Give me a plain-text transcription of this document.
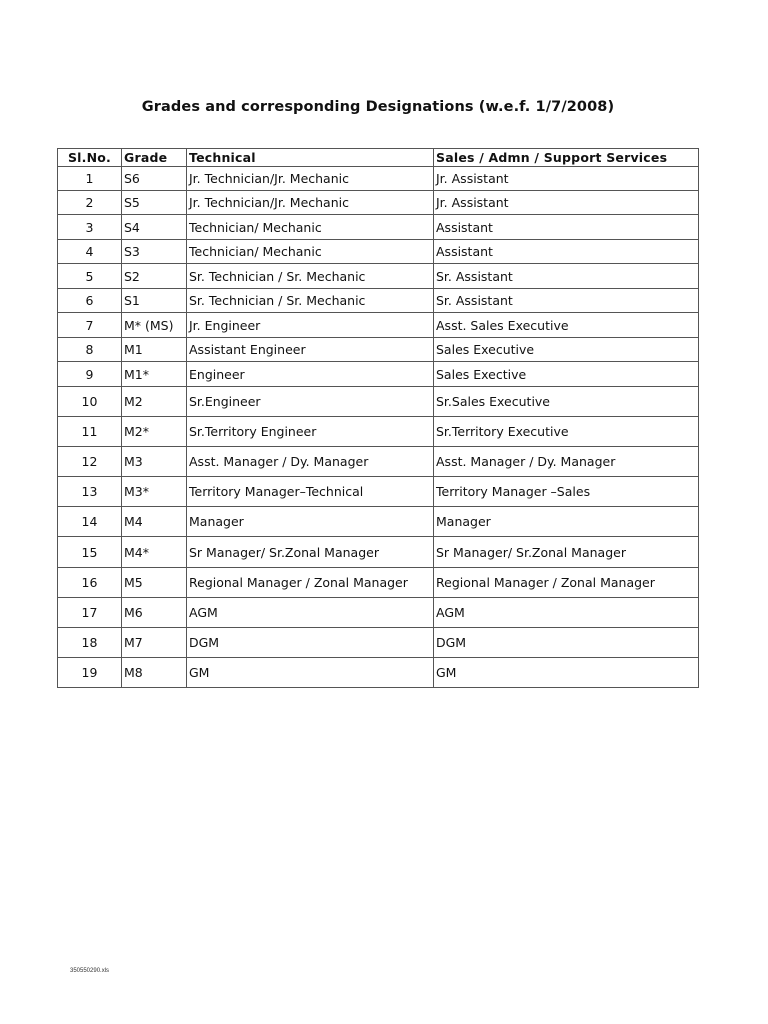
Grades and corresponding Designations (w.e.f. 1/7/2008)
Sl.No.	Grade	Technical	Sales / Admn / Support Services
1	S6	Jr. Technician/Jr. Mechanic	Jr. Assistant
2	S5	Jr. Technician/Jr. Mechanic	Jr. Assistant
3	S4	Technician/ Mechanic	Assistant
4	S3	Technician/ Mechanic	Assistant
5	S2	Sr. Technician / Sr. Mechanic	Sr. Assistant
6	S1	Sr. Technician / Sr. Mechanic	Sr. Assistant
7	M* (MS)	Jr. Engineer	Asst. Sales Executive
8	M1	Assistant Engineer	Sales Executive
9	M1*	Engineer	Sales Exective
10	M2	Sr.Engineer	Sr.Sales Executive
11	M2*	Sr.Territory Engineer	Sr.Territory Executive
12	M3	Asst. Manager / Dy. Manager	Asst. Manager / Dy. Manager
13	M3*	Territory Manager–Technical	Territory Manager –Sales
14	M4	Manager	Manager
15	M4*	Sr Manager/ Sr.Zonal Manager	Sr Manager/ Sr.Zonal Manager
16	M5	Regional Manager / Zonal Manager	Regional Manager / Zonal Manager
17	M6	AGM	AGM
18	M7	DGM	DGM
19	M8	GM	GM
350550290.xls
